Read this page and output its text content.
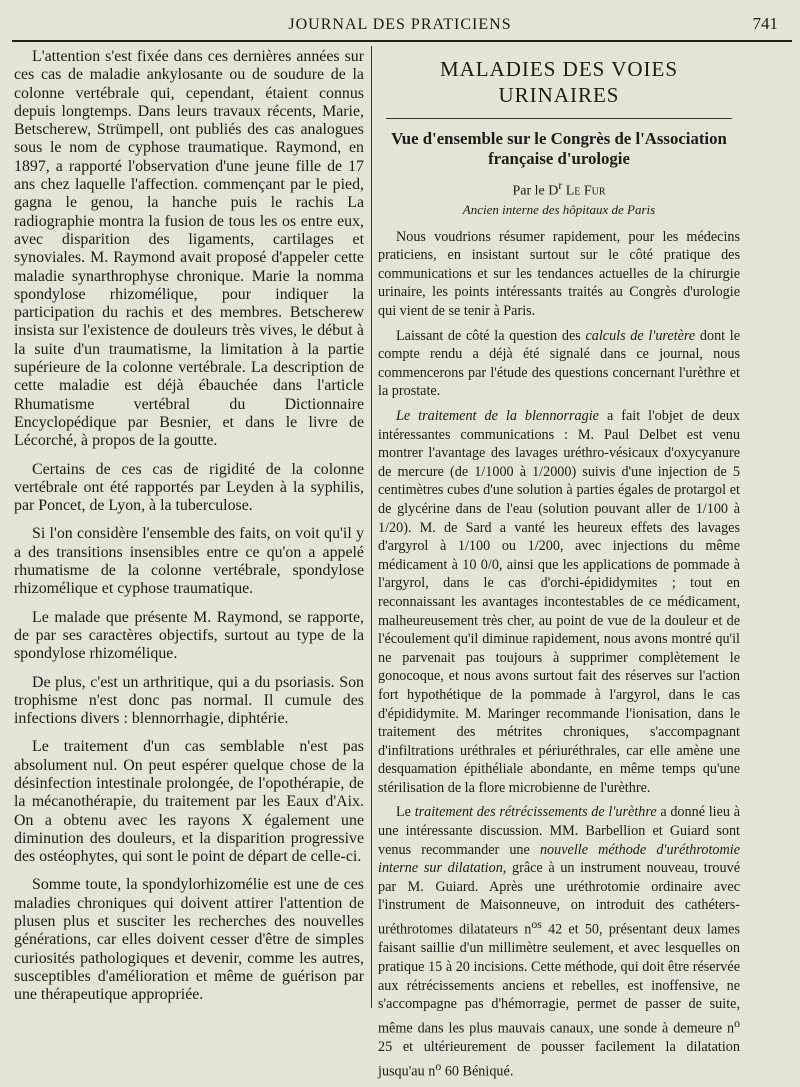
JOURNAL DES PRATICIENS	741

L'attention s'est fixée dans ces dernières années sur ces cas de maladie ankylosante ou de soudure de la colonne vertébrale qui, cependant, étaient connus depuis longtemps. Dans leurs travaux récents, Marie, Betscherew, Strümpell, ont publiés des cas analogues sous le nom de cyphose traumatique. Raymond, en 1897, a rapporté l'observation d'une jeune fille de 17 ans chez laquelle l'affection. commençant par le pied, gagna le genou, la hanche puis le rachis La radiographie montra la fusion de tous les os entre eux, avec disparition des ligaments, cartilages et synoviales. M. Raymond avait proposé d'appeler cette maladie synarthrophyse chronique. Marie la nomma spondylose rhizomélique, pour indiquer la participation du rachis et des membres. Betscherew insista sur l'existence de douleurs très vives, le début à la suite d'un traumatisme, la limitation à la partie supérieure de la colonne vertébrale. La description de cette maladie est déjà ébauchée dans l'article Rhumatisme vertébral du Dictionnaire Encyclopédique par Besnier, et dans le livre de Lécorché, à propos de la goutte.

Certains de ces cas de rigidité de la colonne vertébrale ont été rapportés par Leyden à la syphilis, par Poncet, de Lyon, à la tuberculose.

Si l'on considère l'ensemble des faits, on voit qu'il y a des transitions insensibles entre ce qu'on a appelé rhumatisme de la colonne vertébrale, spondylose rhizomélique et cyphose traumatique.

Le malade que présente M. Raymond, se rapporte, de par ses caractères objectifs, surtout au type de la spondylose rhizomélique.

De plus, c'est un arthritique, qui a du psoriasis. Son trophisme n'est donc pas normal. Il cumule des infections divers : blennorrhagie, diphtérie.

Le traitement d'un cas semblable n'est pas absolument nul. On peut espérer quelque chose de la désinfection intestinale prolongée, de l'opothérapie, de la mécanothérapie, du traitement par les Eaux d'Aix. On a obtenu avec les rayons X également une diminution des douleurs, et la disparition progressive des ostéophytes, qui sont le point de départ de celle-ci.

Somme toute, la spondylorhizomélie est une de ces maladies chroniques qui doivent attirer l'attention de plusen plus et susciter les recherches des nouvelles générations, car elles doivent cesser d'être de simples curiosités pathologiques et devenir, comme les autres, susceptibles d'amélioration et même de guérison par une thérapeutique appropriée.

MALADIES DES VOIES URINAIRES
Vue d'ensemble sur le Congrès de l'Association française d'urologie
Par le $D^r$ Le Fur
Ancien interne des hôpitaux de Paris

Nous voudrions résumer rapidement, pour les médecins praticiens, en insistant surtout sur le côté pratique des communications et sur les tendances actuelles de la chirurgie urinaire, les points intéressants traités au Congrès d'urologie qui vient de se tenir à Paris.

Laissant de côté la question des calculs de l'uretère dont le compte rendu a déjà été signalé dans ce journal, nous commencerons par l'étude des questions concernant l'urèthre et la prostate.

Le traitement de la blennorragie a fait l'objet de deux intéressantes communications : M. Paul Delbet est venu montrer l'avantage des lavages uréthro-vésicaux d'oxycyanure de mercure (de 1/1000 à 1/2000) suivis d'une injection de 5 centimètres cubes d'une solution à parties égales de protargol et de glycérine dans de l'eau (solution pouvant aller de 1/100 à 1/20). M. de Sard a vanté les heureux effets des lavages d'argyrol à 1/100 ou 1/200, avec injections du même médicament à 10 0/0, ainsi que les applications de pommade à l'argyrol, dans le cas d'orchi-épididymites ; tout en reconnaissant les avantages incontestables de ce médicament, malheureusement très cher, au point de vue de la douleur et de l'écoulement qu'il diminue rapidement, nous avons montré qu'il ne parvenait pas toujours à supprimer complètement le gonocoque, et nous avons surtout fait des réserves sur l'action fort hypothétique de la pommade à l'argyrol, dans le cas d'épididymite. M. Maringer recommande l'ionisation, dans le traitement des métrites chroniques, s'accompagnant d'infiltrations uréthrales et périuréthrales, car elle amène une desquamation épithéliale abondante, en même temps qu'une stérilisation de la flore microbienne de l'urèthre.

Le traitement des rétrécissements de l'urèthre a donné lieu à une intéressante discussion. MM. Barbellion et Guiard sont venus recommander une nouvelle méthode d'uréthrotomie interne sur dilatation, grâce à un instrument nouveau, trouvé par M. Guiard. Après une uréthrotomie ordinaire avec l'instrument de Maisonneuve, on introduit des cathéters-uréthrotomes dilatateurs $n^{os}$ 42 et 50, présentant deux lames faisant saillie d'un millimètre seulement, et avec lesquelles on pratique 15 à 20 incisions. Cette méthode, qui doit être réservée aux rétrécissements anciens et rebelles, est inoffensive, ne s'accompagne pas d'hémorragie, permet de passer de suite, même dans les plus mauvais canaux, une sonde à demeure $n^o$ 25 et ultérieurement de pousser facilement la dilatation jusqu'au $n^o$ 60 Béniqué.
